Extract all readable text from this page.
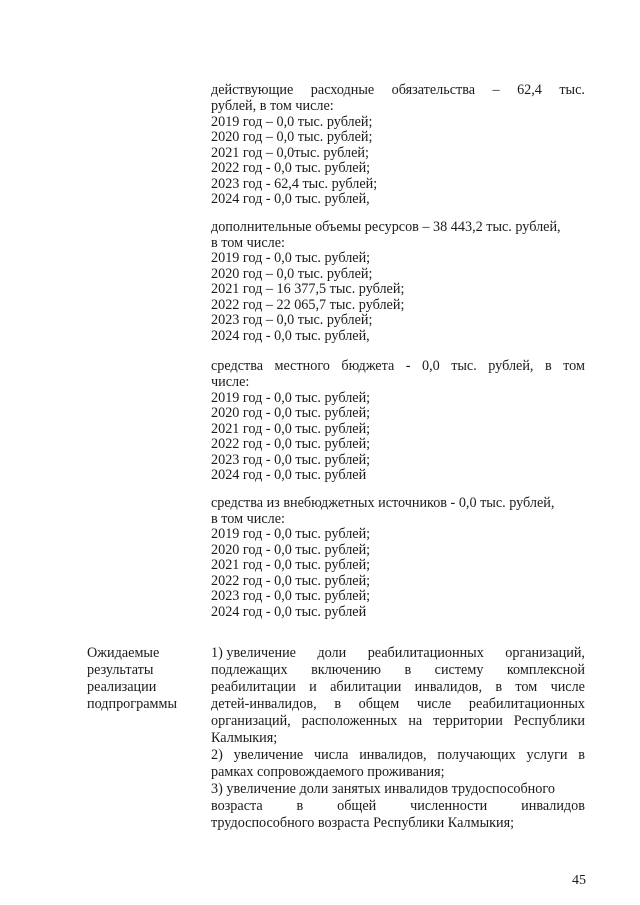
действующие расходные обязательства – 62,4 тыс.
рублей, в том числе:
2019 год – 0,0 тыс. рублей;
2020 год – 0,0 тыс. рублей;
2021 год – 0,0тыс. рублей;
2022 год - 0,0 тыс. рублей;
2023 год - 62,4 тыс. рублей;
2024 год - 0,0 тыс. рублей,
дополнительные объемы ресурсов – 38 443,2 тыс. рублей,
в том числе:
2019 год - 0,0 тыс. рублей;
2020 год – 0,0 тыс. рублей;
2021 год – 16 377,5 тыс. рублей;
2022 год – 22 065,7 тыс. рублей;
2023 год – 0,0 тыс. рублей;
2024 год - 0,0 тыс. рублей,
средства местного бюджета - 0,0 тыс. рублей, в том
числе:
2019 год - 0,0 тыс. рублей;
2020 год - 0,0 тыс. рублей;
2021 год - 0,0 тыс. рублей;
2022 год - 0,0 тыс. рублей;
2023 год - 0,0 тыс. рублей;
2024 год - 0,0 тыс. рублей
средства из внебюджетных источников - 0,0 тыс. рублей,
в том числе:
2019 год - 0,0 тыс. рублей;
2020 год - 0,0 тыс. рублей;
2021 год - 0,0 тыс. рублей;
2022 год - 0,0 тыс. рублей;
2023 год - 0,0 тыс. рублей;
2024 год - 0,0 тыс. рублей
Ожидаемые
результаты
реализации
подпрограммы
1) увеличение доли реабилитационных организаций,
подлежащих включению в систему комплексной
реабилитации и абилитации инвалидов, в том числе
детей-инвалидов, в общем числе реабилитационных
организаций, расположенных на территории Республики
Калмыкия;
2) увеличение числа инвалидов, получающих услуги в
рамках сопровождаемого проживания;
3) увеличение доли занятых инвалидов трудоспособного
возраста в общей численности инвалидов
трудоспособного возраста Республики Калмыкия;
45
